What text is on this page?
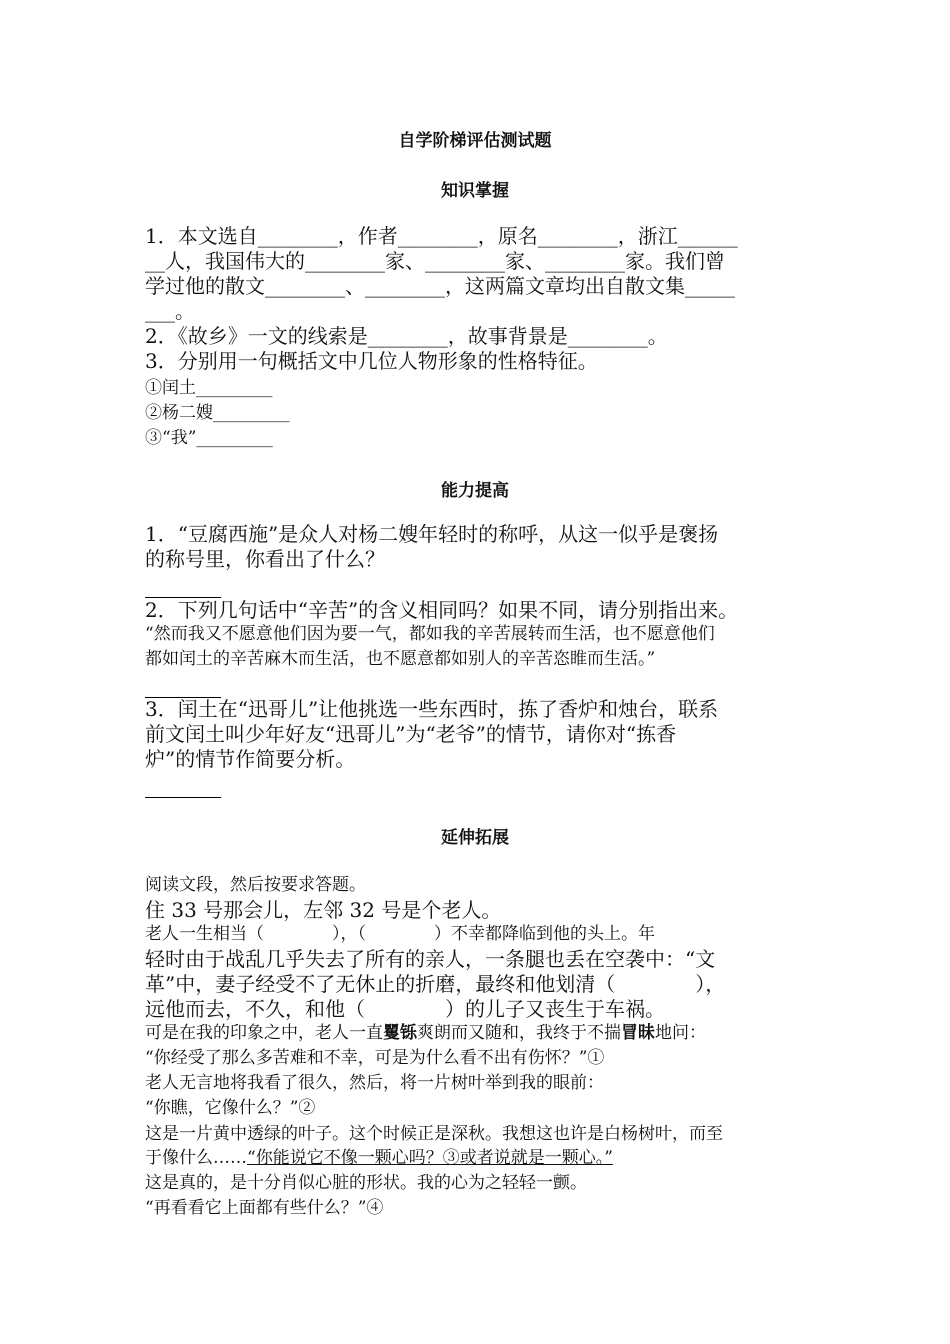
自学阶梯评估测试题
知识掌握
1．本文选自________，作者________，原名________，浙江______
__人，我国伟大的________家、________家、________家。我们曾
学过他的散文________、________，这两篇文章均出自散文集_____
___。
2．《故乡》一文的线索是________，故事背景是________。
3．分别用一句概括文中几位人物形象的性格特征。
①闰土_________
②杨二嫂_________
③“我”_________
能力提高
1．“豆腐西施”是众人对杨二嫂年轻时的称呼，从这一似乎是褒扬
的称号里，你看出了什么？
2．下列几句话中“辛苦”的含义相同吗？如果不同，请分别指出来。
“然而我又不愿意他们因为要一气，都如我的辛苦展转而生活，也不愿意他们
都如闰土的辛苦麻木而生活，也不愿意都如别人的辛苦恣睢而生活。”
3．闰土在“迅哥儿”让他挑选一些东西时，拣了香炉和烛台，联系
前文闰土叫少年好友“迅哥儿”为“老爷”的情节，请你对“拣香
炉”的情节作简要分析。
延伸拓展
阅读文段，然后按要求答题。
住 33 号那会儿，左邻 32 号是个老人。
老人一生相当（　　　　），（　　　　）不幸都降临到他的头上。年
轻时由于战乱几乎失去了所有的亲人，一条腿也丢在空袭中：“文
革”中，妻子经受不了无休止的折磨，最终和他划清（　　　　），
远他而去，不久，和他（　　　　）的儿子又丧生于车祸。
可是在我的印象之中，老人一直矍铄爽朗而又随和，我终于不揣冒昧地问：
“你经受了那么多苦难和不幸，可是为什么看不出有伤怀？”①
老人无言地将我看了很久，然后，将一片树叶举到我的眼前：
“你瞧，它像什么？”②
这是一片黄中透绿的叶子。这个时候正是深秋。我想这也许是白杨树叶，而至
于像什么……“你能说它不像一颗心吗？③或者说就是一颗心。”
这是真的，是十分肖似心脏的形状。我的心为之轻轻一颤。
“再看看它上面都有些什么？”④
